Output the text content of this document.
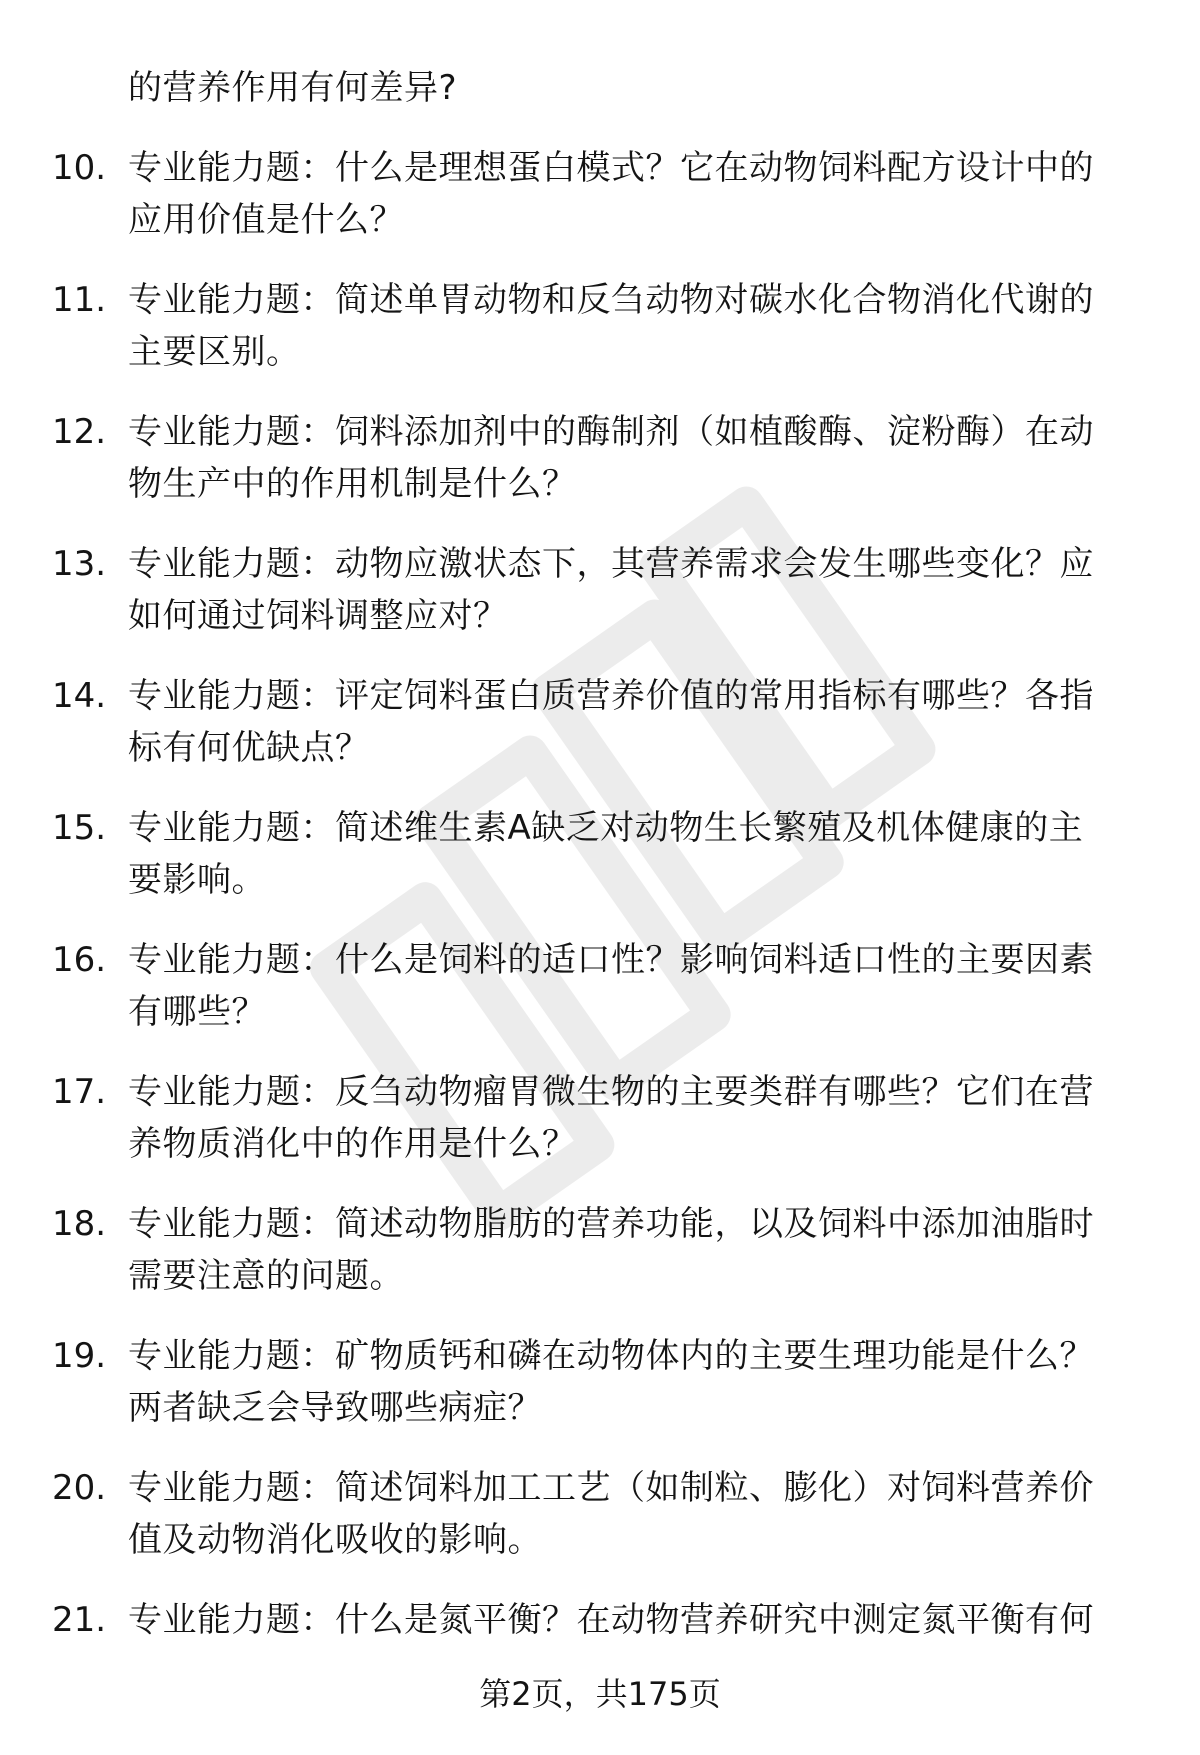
的营养作用有何差异?
10. 专业能力题：什么是理想蛋白模式？它在动物饲料配方设计中的
应用价值是什么？
11. 专业能力题：简述单胃动物和反刍动物对碳水化合物消化代谢的
主要区别。
12. 专业能力题：饲料添加剂中的酶制剂（如植酸酶、淀粉酶）在动
物生产中的作用机制是什么？
13. 专业能力题：动物应激状态下，其营养需求会发生哪些变化？应
如何通过饲料调整应对？
14. 专业能力题：评定饲料蛋白质营养价值的常用指标有哪些？各指
标有何优缺点？
15. 专业能力题：简述维生素A缺乏对动物生长繁殖及机体健康的主
要影响。
16. 专业能力题：什么是饲料的适口性？影响饲料适口性的主要因素
有哪些？
17. 专业能力题：反刍动物瘤胃微生物的主要类群有哪些？它们在营
养物质消化中的作用是什么？
18. 专业能力题：简述动物脂肪的营养功能，以及饲料中添加油脂时
需要注意的问题。
19. 专业能力题：矿物质钙和磷在动物体内的主要生理功能是什么？
两者缺乏会导致哪些病症？
20. 专业能力题：简述饲料加工工艺（如制粒、膨化）对饲料营养价
值及动物消化吸收的影响。
21. 专业能力题：什么是氮平衡？在动物营养研究中测定氮平衡有何
第2页，共175页
